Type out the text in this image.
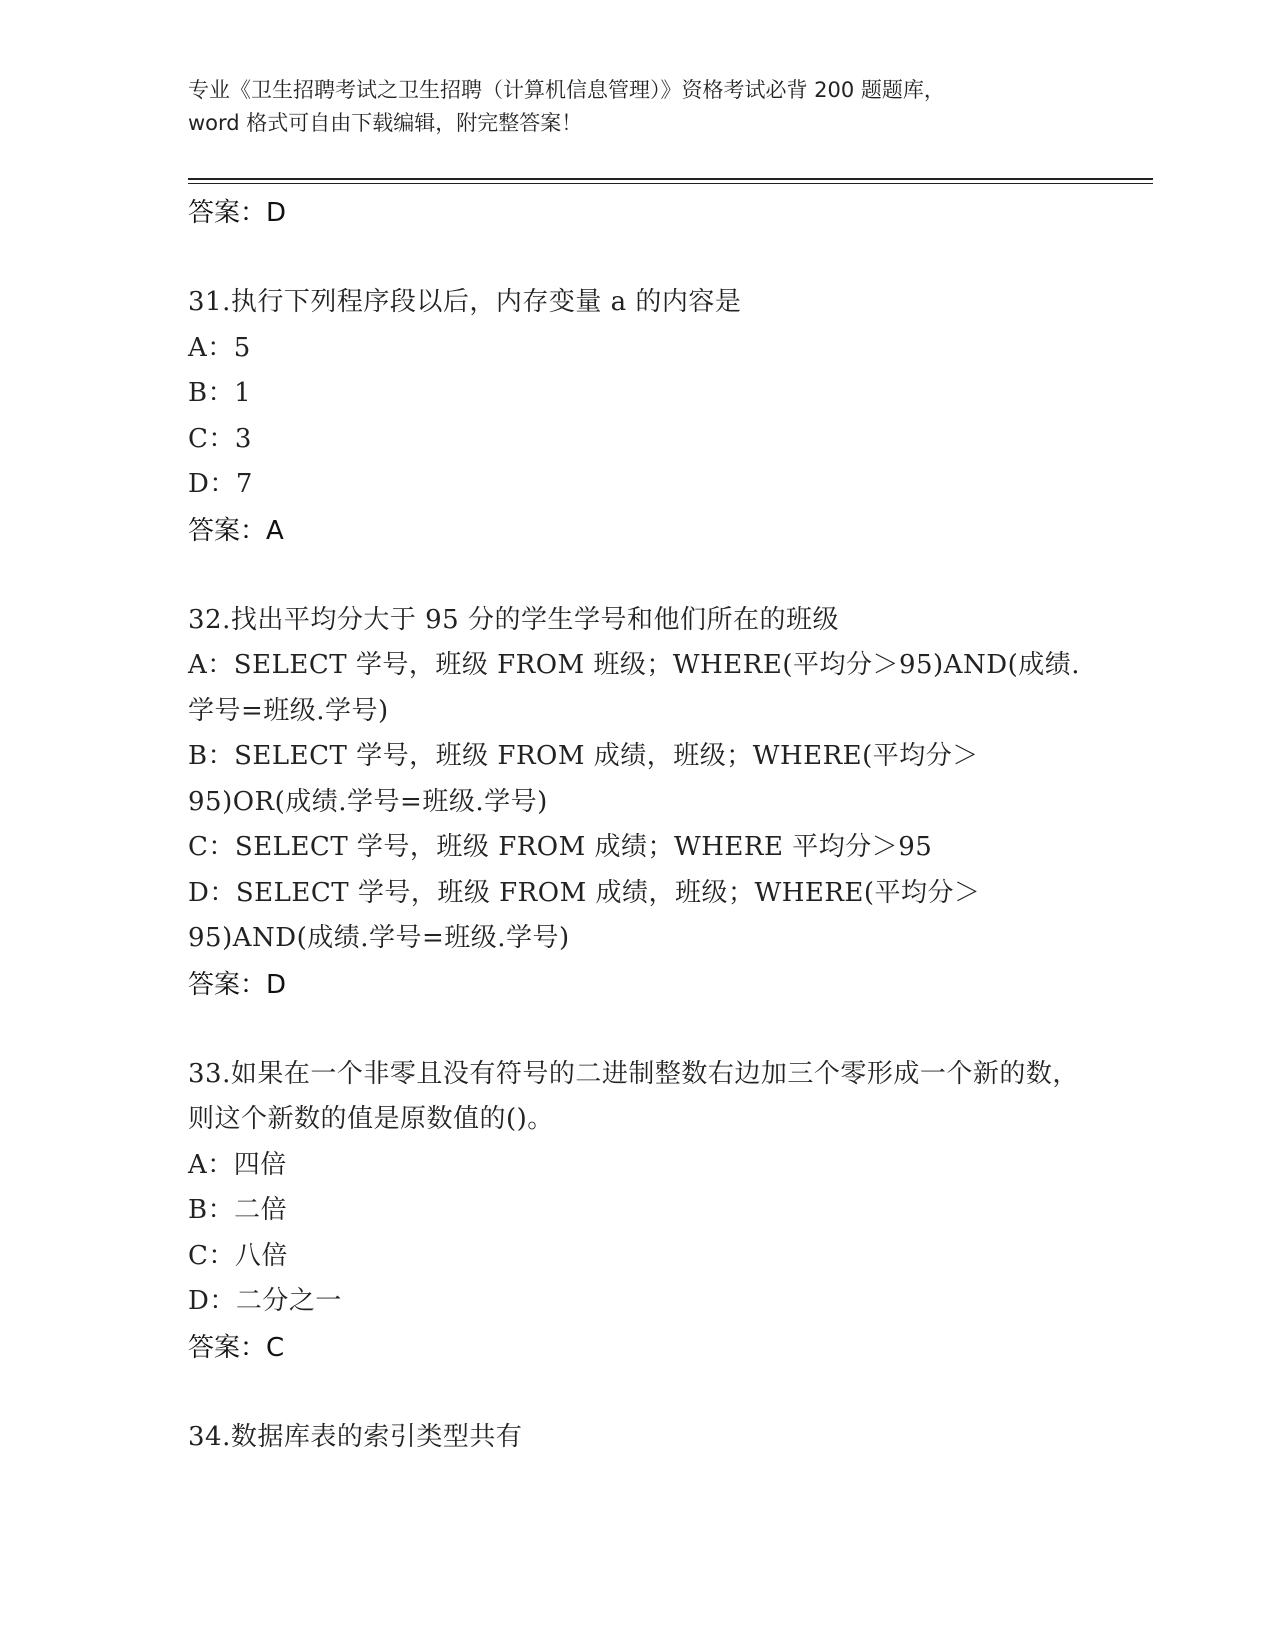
专业《卫生招聘考试之卫生招聘（计算机信息管理）》资格考试必背 200 题题库，
word 格式可自由下载编辑，附完整答案！
答案：D
31.执行下列程序段以后，内存变量 a 的内容是
A：5
B：1
C：3
D：7
答案：A
32.找出平均分大于 95 分的学生学号和他们所在的班级
A：SELECT 学号，班级 FROM 班级；WHERE(平均分＞95)AND(成绩.学号=班级.学号)
B：SELECT 学号，班级 FROM 成绩，班级；WHERE(平均分＞95)OR(成绩.学号=班级.学号)
C：SELECT 学号，班级 FROM 成绩；WHERE 平均分＞95
D：SELECT 学号，班级 FROM 成绩，班级；WHERE(平均分＞95)AND(成绩.学号=班级.学号)
答案：D
33.如果在一个非零且没有符号的二进制整数右边加三个零形成一个新的数，则这个新数的值是原数值的()。
A：四倍
B：二倍
C：八倍
D：二分之一
答案：C
34.数据库表的索引类型共有
